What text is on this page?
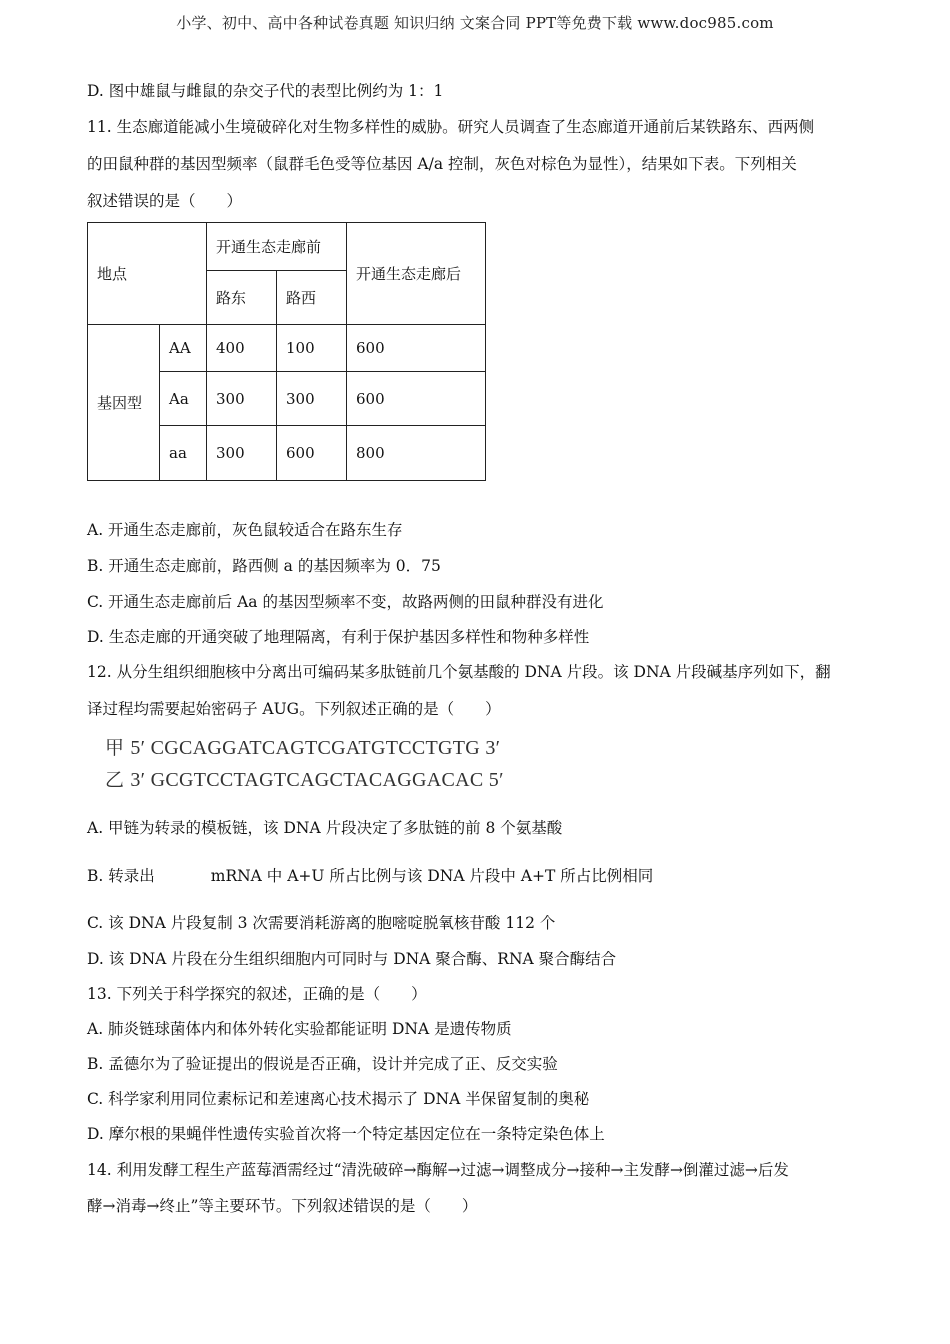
小学、初中、高中各种试卷真题 知识归纳 文案合同 PPT等免费下载 www.doc985.com
D. 图中雄鼠与雌鼠的杂交子代的表型比例约为 1：1
11. 生态廊道能减小生境破碎化对生物多样性的威胁。研究人员调查了生态廊道开通前后某铁路东、西两侧
的田鼠种群的基因型频率（鼠群毛色受等位基因 A/a 控制，灰色对棕色为显性），结果如下表。下列相关
叙述错误的是（　　）
地点		开通生态走廊前		开通生态走廊后
		路东	路西	
基因型	AA	400	100	600
	Aa	300	300	600
	aa	300	600	800
A. 开通生态走廊前，灰色鼠较适合在路东生存
B. 开通生态走廊前，路西侧 a 的基因频率为 0．75
C. 开通生态走廊前后 Aa 的基因型频率不变，故路两侧的田鼠种群没有进化
D. 生态走廊的开通突破了地理隔离，有利于保护基因多样性和物种多样性
12. 从分生组织细胞核中分离出可编码某多肽链前几个氨基酸的 DNA 片段。该 DNA 片段碱基序列如下，翻
译过程均需要起始密码子 AUG。下列叙述正确的是（　　）
甲 5′ CGCAGGATCAGTCGATGTCCTGTG 3′
乙 3′ GCGTCCTAGTCAGCTACAGGACAC 5′
A. 甲链为转录的模板链，该 DNA 片段决定了多肽链的前 8 个氨基酸
B. 转录出	mRNA 中 A+U 所占比例与该 DNA 片段中 A+T 所占比例相同
C. 该 DNA 片段复制 3 次需要消耗游离的胞嘧啶脱氧核苷酸 112 个
D. 该 DNA 片段在分生组织细胞内可同时与 DNA 聚合酶、RNA 聚合酶结合
13. 下列关于科学探究的叙述，正确的是（　　）
A. 肺炎链球菌体内和体外转化实验都能证明 DNA 是遗传物质
B. 孟德尔为了验证提出的假说是否正确，设计并完成了正、反交实验
C. 科学家利用同位素标记和差速离心技术揭示了 DNA 半保留复制的奥秘
D. 摩尔根的果蝇伴性遗传实验首次将一个特定基因定位在一条特定染色体上
14. 利用发酵工程生产蓝莓酒需经过“清洗破碎→酶解→过滤→调整成分→接种→主发酵→倒灌过滤→后发
酵→消毒→终止”等主要环节。下列叙述错误的是（　　）
